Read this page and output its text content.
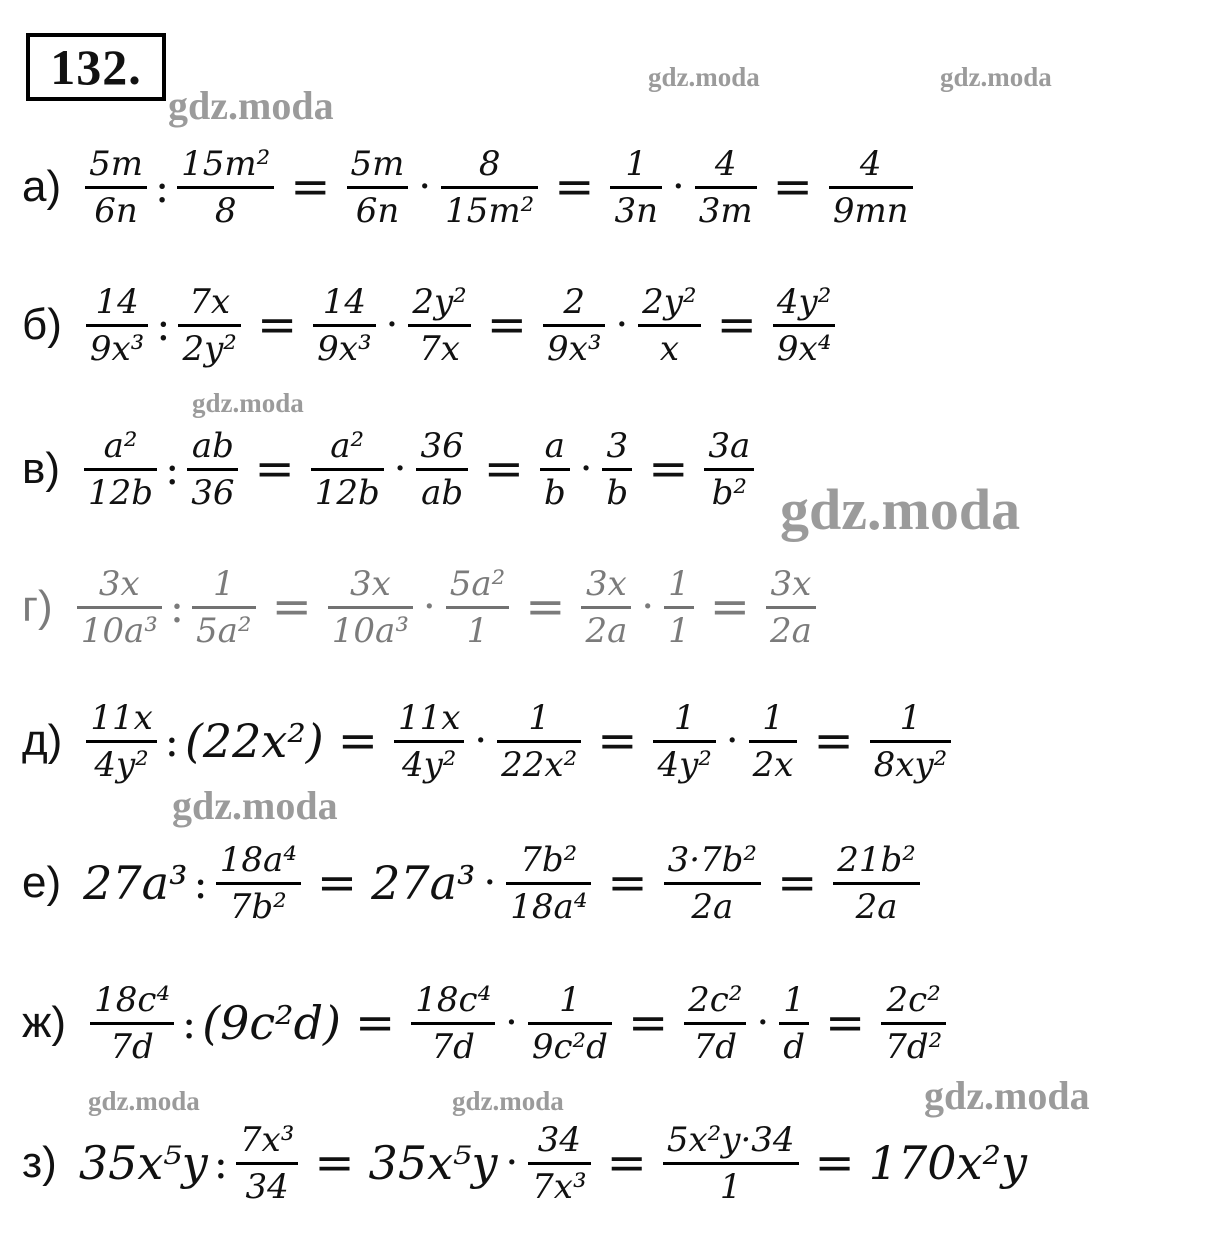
132.
gdz.moda
gdz.moda	gdz.moda
gdz.moda
gdz.moda
gdz.moda
gdz.moda	gdz.moda	gdz.moda
$а) \frac{5m}{6n}$ : $\frac{\text{15m²}}{8} = \frac{5m}{6n} \cdot \frac{8}{\text{15m²}} = \frac{1}{3n} \cdot \frac{4}{3m} = \frac{4}{9mn}$
$б) \frac{14}{\text{9x³}}$ : $\frac{7x}{\text{2y²}} = \frac{14}{\text{9x³}} \cdot \frac{\text{2y²}}{7x} = \frac{2}{\text{9x³}} \cdot \frac{\text{2y²}}{x} = \frac{\text{4y²}}{\text{9x⁴}}$
$в) \frac{\text{a²}}{12b}$ : $\frac{ab}{36} = \frac{\text{a²}}{12b} \cdot \frac{36}{ab} = \frac{a}{b} \cdot \frac{3}{b} = \frac{3a}{\text{b²}}$
$г) \frac{3x}{\text{10a³}}$ : $\frac{1}{\text{5a²}} = \frac{3x}{\text{10a³}} \cdot \frac{\text{5a²}}{1} = \frac{3x}{2a} \cdot \frac{1}{1} = \frac{3x}{2a}$
$д) \frac{11x}{\text{4y²}}$ : $(22x^2) = \frac{11x}{\text{4y²}} \cdot \frac{1}{\text{22x²}} = \frac{1}{\text{4y²}} \cdot \frac{1}{2x} = \frac{1}{\text{8xy²}}$
е) 27a³ : $\frac{\text{18a⁴}}{\text{7b²}} = 27a^3 \cdot \frac{\text{7b²}}{\text{18a⁴}} = \frac{\text{3·7b²}}{2a} = \frac{\text{21b²}}{2a}$
$ж) \frac{\text{18c⁴}}{7d}$ : $(9c^2d) = \frac{\text{18c⁴}}{7d} \cdot \frac{1}{\text{9c²d}} = \frac{\text{2c²}}{7d} \cdot \frac{1}{d} = \frac{\text{2c²}}{\text{7d²}}$
з) 35x⁵y : $\frac{\text{7x³}}{34} = 35x^5y \cdot \frac{34}{\text{7x³}} = \frac{\text{5x²y·34}}{1} = 170x^2y$
